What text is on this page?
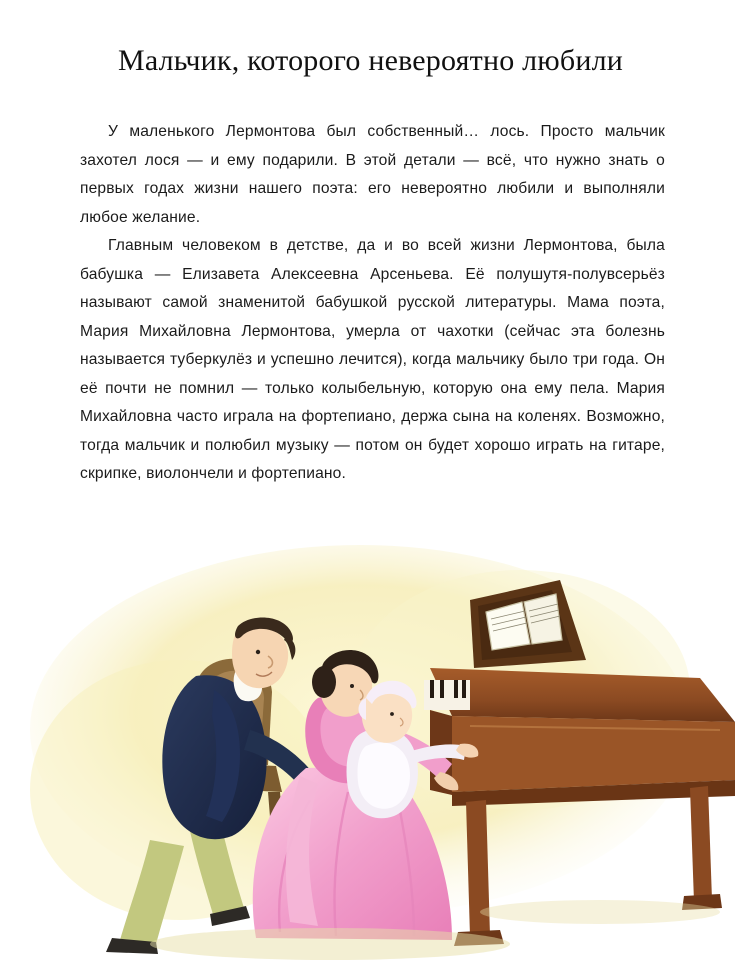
Мальчик, которого невероятно любили

У маленького Лермонтова был собственный… лось. Просто мальчик захотел лося — и ему подарили. В этой детали — всё, что нужно знать о первых годах жизни нашего поэта: его невероятно любили и выполняли любое желание.

Главным человеком в детстве, да и во всей жизни Лермонтова, была бабушка — Елизавета Алексеевна Арсеньева. Её полушутя-полувсерьёз называют самой знаменитой бабушкой русской литературы. Мама поэта, Мария Михайловна Лермонтова, умерла от чахотки (сейчас эта болезнь называется туберкулёз и успешно лечится), когда мальчику было три года. Он её почти не помнил — только колыбельную, которую она ему пела. Мария Михайловна часто играла на фортепиано, держа сына на коленях. Возможно, тогда мальчик и полюбил музыку — потом он будет хорошо играть на гитаре, скрипке, виолончели и фортепиано.
